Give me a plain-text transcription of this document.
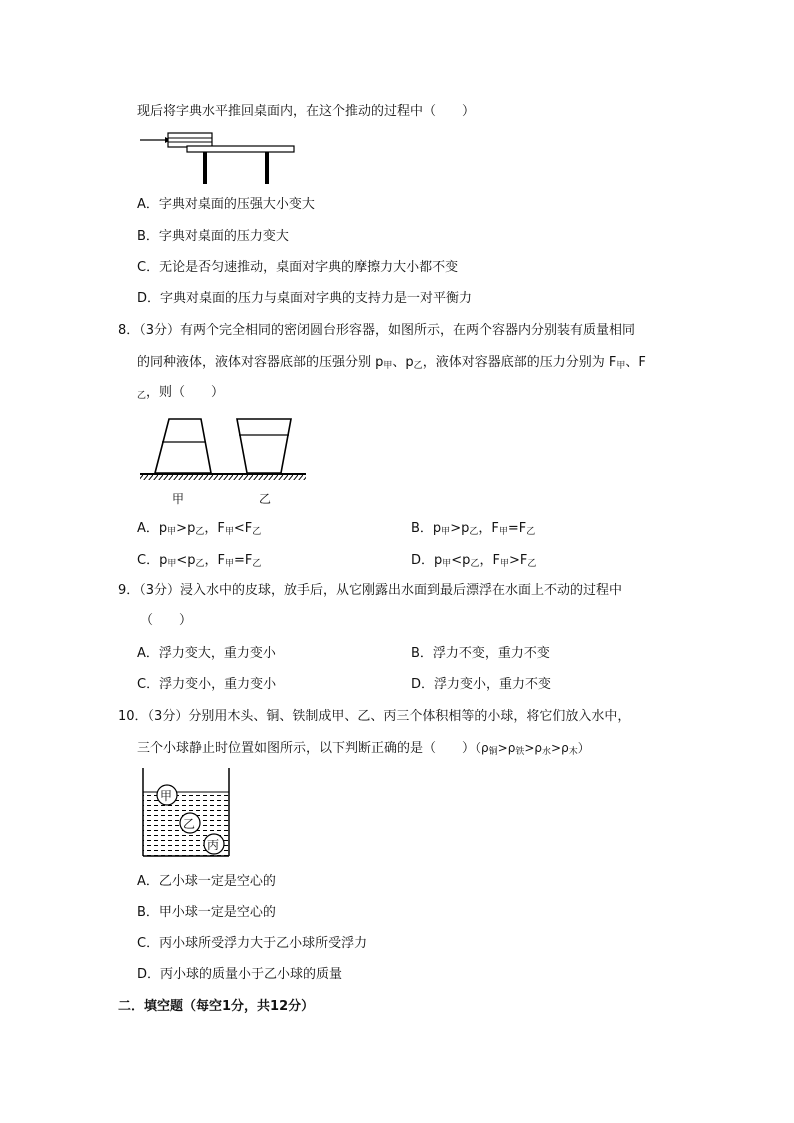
现后将字典水平推回桌面内，在这个推动的过程中（　　）
A．字典对桌面的压强大小变大
B．字典对桌面的压力变大
C．无论是否匀速推动，桌面对字典的摩擦力大小都不变
D．字典对桌面的压力与桌面对字典的支持力是一对平衡力
8．（3分）有两个完全相同的密闭圆台形容器，如图所示，在两个容器内分别装有质量相同
的同种液体，液体对容器底部的压强分别 $p_甲$、$p_乙$，液体对容器底部的压力分别为 $F_甲$、F
$_乙$，则（　　）
甲	乙
A．$p_甲>p_乙$，$F_甲<F_乙$	B．$p_甲>p_乙$，$F_甲=F_乙$
C．$p_甲<p_乙$，$F_甲=F_乙$	D．$p_甲<p_乙$，$F_甲>F_乙$
9．（3分）浸入水中的皮球，放手后，从它刚露出水面到最后漂浮在水面上不动的过程中
（　　）
A．浮力变大，重力变小	B．浮力不变，重力不变
C．浮力变小，重力变小	D．浮力变小，重力不变
10．（3分）分别用木头、铜、铁制成甲、乙、丙三个体积相等的小球，将它们放入水中，
三个小球静止时位置如图所示，以下判断正确的是（　　）$(\rho_铜>\rho_铁>\rho_水>\rho_木)$
甲
乙
丙
A．乙小球一定是空心的
B．甲小球一定是空心的
C．丙小球所受浮力大于乙小球所受浮力
D．丙小球的质量小于乙小球的质量
二．填空题（每空1分，共12分）
